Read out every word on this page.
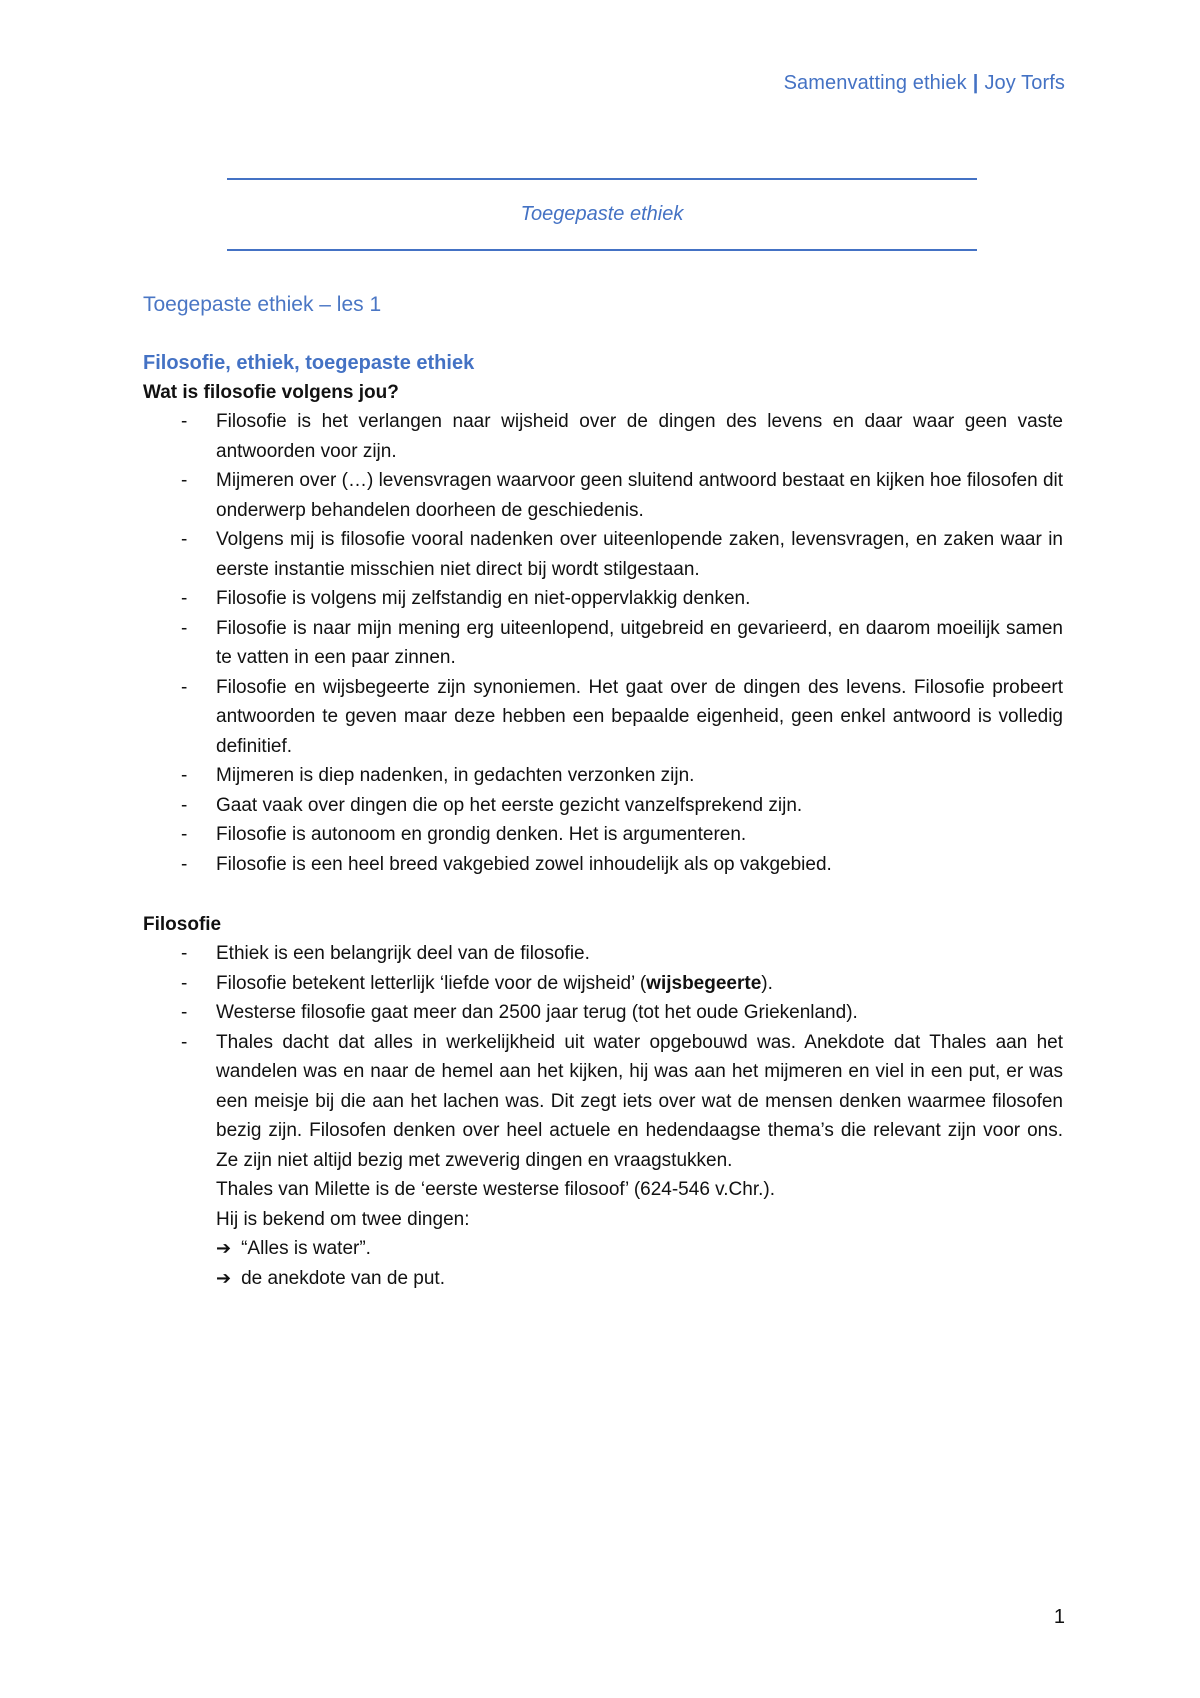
Samenvatting ethiek | Joy Torfs
Toegepaste ethiek
Toegepaste ethiek – les 1
Filosofie, ethiek, toegepaste ethiek
Wat is filosofie volgens jou?
- Filosofie is het verlangen naar wijsheid over de dingen des levens en daar waar geen vaste antwoorden voor zijn.
- Mijmeren over (…) levensvragen waarvoor geen sluitend antwoord bestaat en kijken hoe filosofen dit onderwerp behandelen doorheen de geschiedenis.
- Volgens mij is filosofie vooral nadenken over uiteenlopende zaken, levensvragen, en zaken waar in eerste instantie misschien niet direct bij wordt stilgestaan.
- Filosofie is volgens mij zelfstandig en niet-oppervlakkig denken.
- Filosofie is naar mijn mening erg uiteenlopend, uitgebreid en gevarieerd, en daarom moeilijk samen te vatten in een paar zinnen.
- Filosofie en wijsbegeerte zijn synoniemen. Het gaat over de dingen des levens. Filosofie probeert antwoorden te geven maar deze hebben een bepaalde eigenheid, geen enkel antwoord is volledig definitief.
- Mijmeren is diep nadenken, in gedachten verzonken zijn.
- Gaat vaak over dingen die op het eerste gezicht vanzelfsprekend zijn.
- Filosofie is autonoom en grondig denken. Het is argumenteren.
- Filosofie is een heel breed vakgebied zowel inhoudelijk als op vakgebied.
Filosofie
- Ethiek is een belangrijk deel van de filosofie.
- Filosofie betekent letterlijk ‘liefde voor de wijsheid’ (wijsbegeerte).
- Westerse filosofie gaat meer dan 2500 jaar terug (tot het oude Griekenland).
- Thales dacht dat alles in werkelijkheid uit water opgebouwd was. Anekdote dat Thales aan het wandelen was en naar de hemel aan het kijken, hij was aan het mijmeren en viel in een put, er was een meisje bij die aan het lachen was. Dit zegt iets over wat de mensen denken waarmee filosofen bezig zijn. Filosofen denken over heel actuele en hedendaagse thema’s die relevant zijn voor ons. Ze zijn niet altijd bezig met zweverig dingen en vraagstukken.
Thales van Milette is de ‘eerste westerse filosoof’ (624-546 v.Chr.).
Hij is bekend om twee dingen:
➔ “Alles is water”.
➔ de anekdote van de put.
1
